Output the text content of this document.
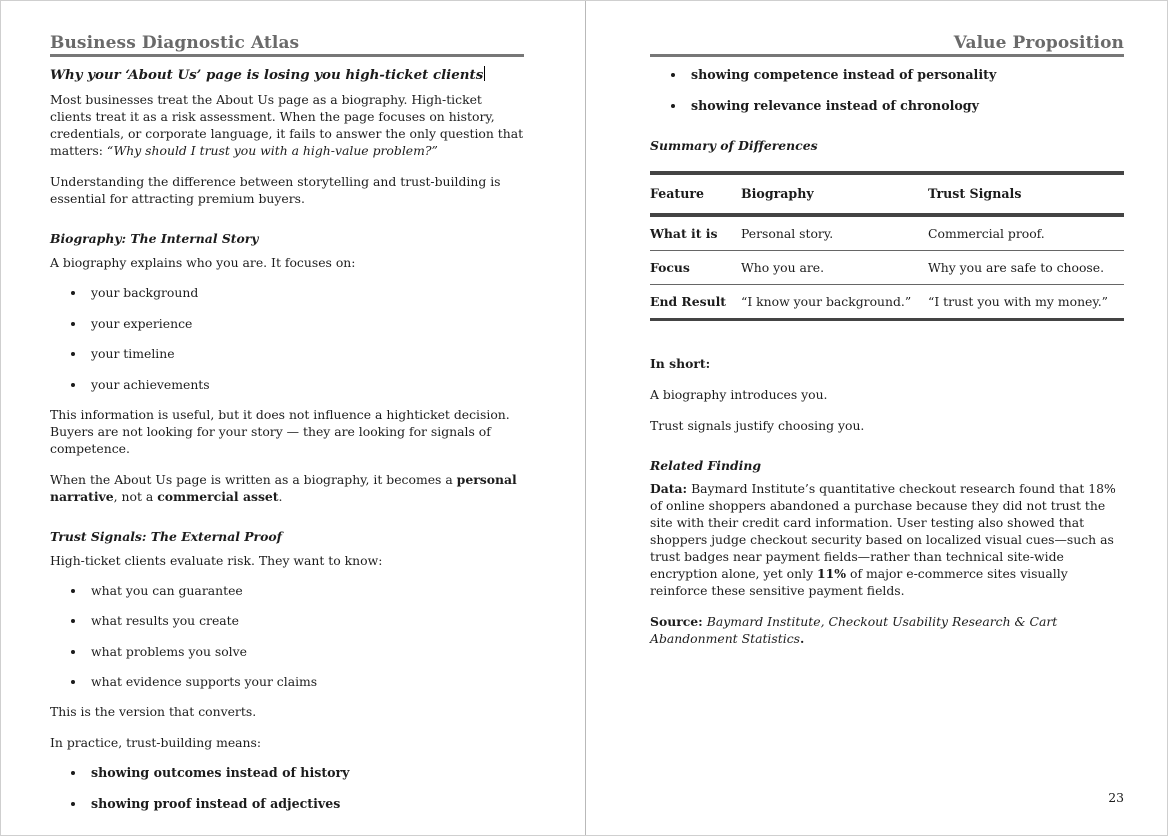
Business Diagnostic Atlas
Why your ‘About Us’ page is losing you high-ticket clients

Most businesses treat the About Us page as a biography. High-ticket clients treat it as a risk assessment. When the page focuses on history, credentials, or corporate language, it fails to answer the only question that matters: “Why should I trust you with a high-value problem?”

Understanding the difference between storytelling and trust-building is essential for attracting premium buyers.

Biography: The Internal Story

A biography explains who you are. It focuses on:

your background
your experience
your timeline
your achievements

This information is useful, but it does not influence a highticket decision. Buyers are not looking for your story — they are looking for signals of competence.

When the About Us page is written as a biography, it becomes a personal narrative, not a commercial asset.

Trust Signals: The External Proof

High-ticket clients evaluate risk. They want to know:

what you can guarantee
what results you create
what problems you solve
what evidence supports your claims

This is the version that converts.

In practice, trust-building means:

showing outcomes instead of history
showing proof instead of adjectives
Value Proposition
showing competence instead of personality
showing relevance instead of chronology
Summary of Differences
Feature	Biography	Trust Signals
What it is	Personal story.	Commercial proof.
Focus	Who you are.	Why you are safe to choose.
End Result	“I know your background.”	“I trust you with my money.”

In short:

A biography introduces you.

Trust signals justify choosing you.

Related Finding

Data: Baymard Institute’s quantitative checkout research found that 18% of online shoppers abandoned a purchase because they did not trust the site with their credit card information. User testing also showed that shoppers judge checkout security based on localized visual cues—such as trust badges near payment fields—rather than technical site-wide encryption alone, yet only 11% of major e-commerce sites visually reinforce these sensitive payment fields.

Source: Baymard Institute, Checkout Usability Research & Cart Abandonment Statistics.

23
